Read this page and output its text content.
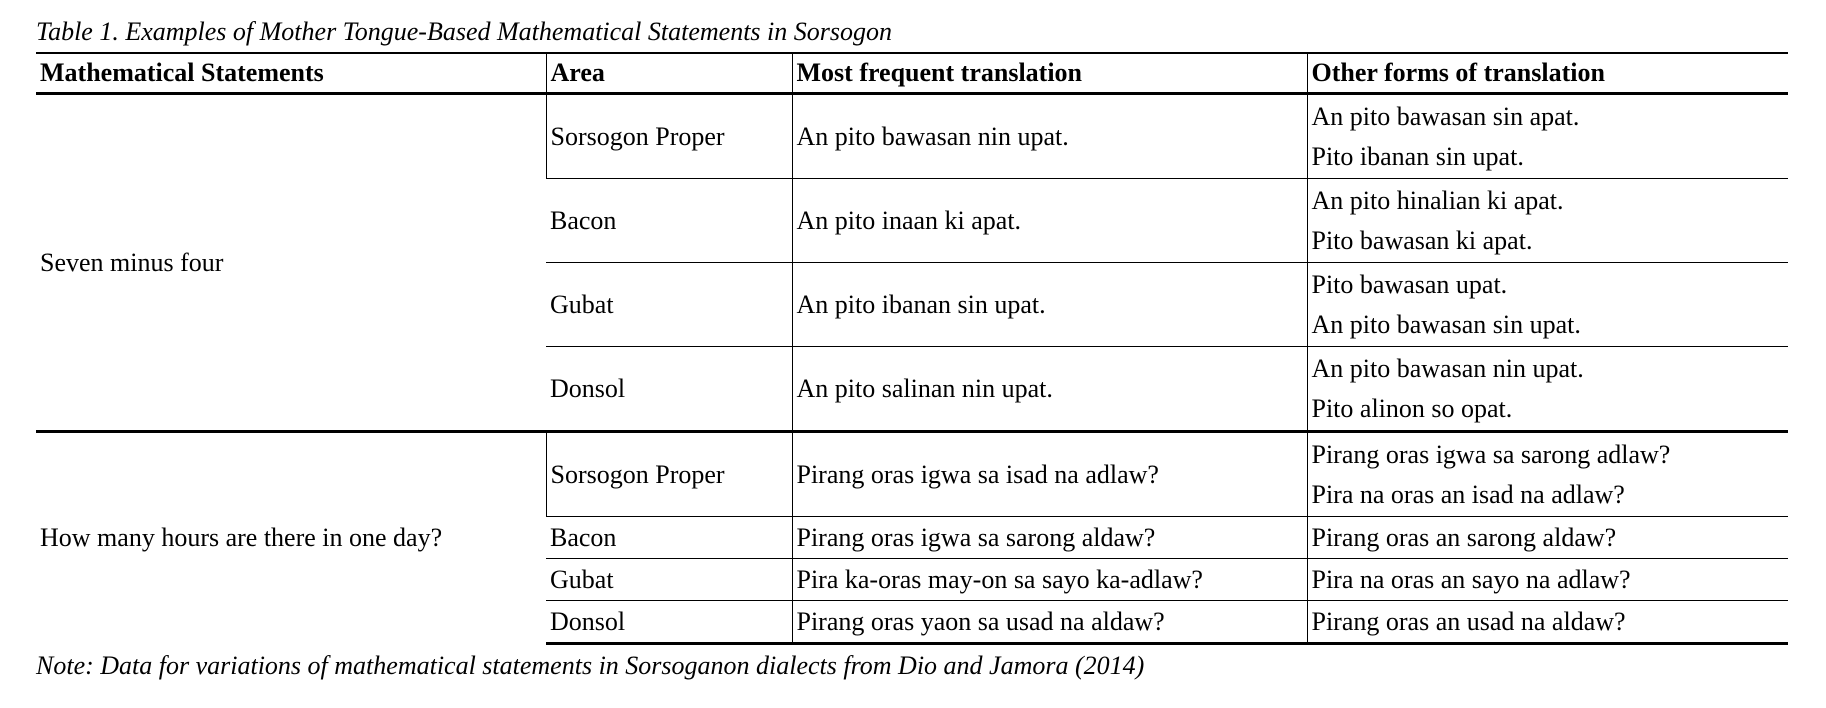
Table 1. Examples of Mother Tongue-Based Mathematical Statements in Sorsogon
Mathematical Statements	Area	Most frequent translation	Other forms of translation
Seven minus four	Sorsogon Proper	An pito bawasan nin upat.	An pito bawasan sin apat.
Pito ibanan sin upat.

	Bacon	An pito inaan ki apat.	An pito hinalian ki apat.
Pito bawasan ki apat.

	Gubat	An pito ibanan sin upat.	Pito bawasan upat.
An pito bawasan sin upat.

	Donsol	An pito salinan nin upat.	An pito bawasan nin upat.
Pito alinon so opat.

How many hours are there in one day?	Sorsogon Proper	Pirang oras igwa sa isad na adlaw?	Pirang oras igwa sa sarong adlaw?
Pira na oras an isad na adlaw?

	Bacon	Pirang oras igwa sa sarong aldaw?	Pirang oras an sarong aldaw?
	Gubat	Pira ka-oras may-on sa sayo ka-adlaw?	Pira na oras an sayo na adlaw?
	Donsol	Pirang oras yaon sa usad na aldaw?	Pirang oras an usad na aldaw?
Note: Data for variations of mathematical statements in Sorsoganon dialects from Dio and Jamora (2014)
